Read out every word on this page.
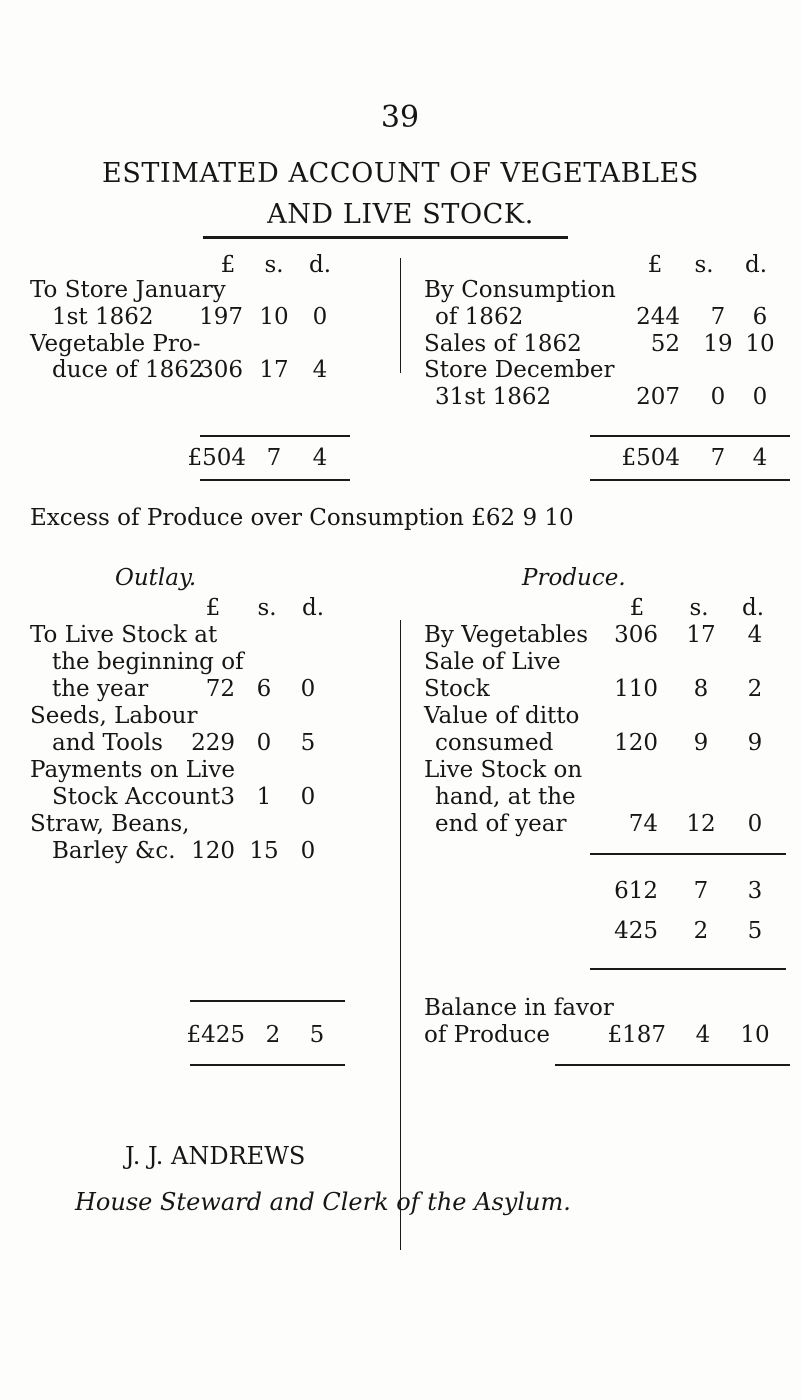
39
ESTIMATED ACCOUNT OF VEGETABLES
AND LIVE STOCK.
£	s.	d.
To Store January
1st 1862 197 10	0
Vegetable Pro-
duce of 1862
306 17	4
£504 7	4
£	s.	d.
By Consumption
of 1862	244	7	6
Sales of 1862	52 19 10
Store December
31st 1862	207	0	0
£504	7	4
Excess of Produce over Consumption £62 9 10
Outlay.
£	s.	d.
To Live Stock at
the beginning of
the year	72 6	0
Seeds, Labour
and Tools	229 0	5
Payments on Live
Stock Account 3 1	0
Straw, Beans,
Barley &c. 120 15 0
£425 2	5
Produce.
£	s.	d.
By Vegetables	306 17	4
Sale of Live
Stock	110	8	2
Value of ditto
consumed	120	9	9
Live Stock on
hand, at the
end of year	74 12	0
612	7	3
425	2	5
Balance in favor
of Produce	£187	4	10
J. J. ANDREWS
House Steward and Clerk of the Asylum.
